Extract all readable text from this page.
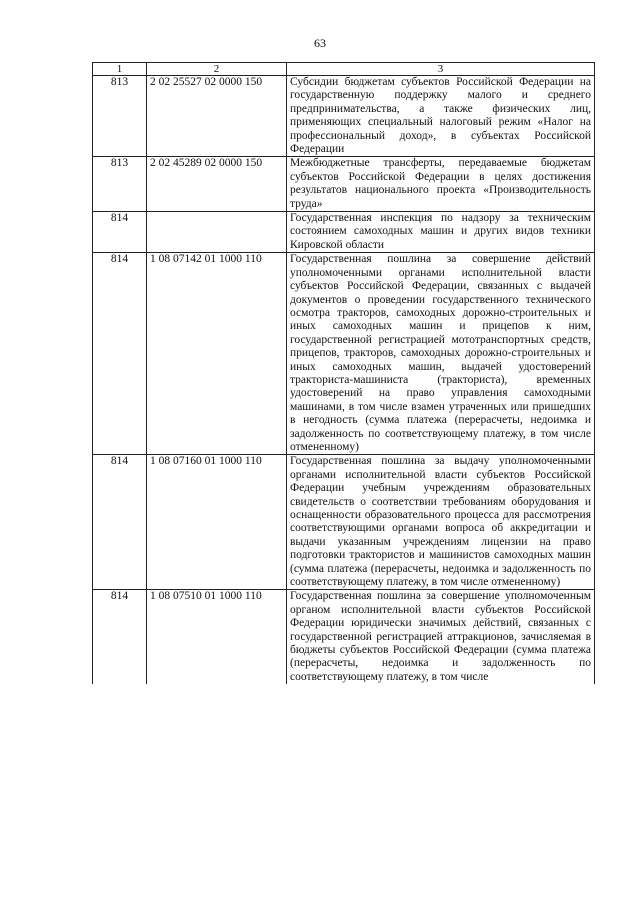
63
1	2	3
813	2 02 25527 02 0000 150	Субсидии бюджетам субъектов Российской Федерации на государственную поддержку малого и среднего предпринимательства, а также физических лиц, применяющих специальный налоговый режим «Налог на профессиональный доход», в субъектах Российской Федерации
813	2 02 45289 02 0000 150	Межбюджетные трансферты, передаваемые бюджетам субъектов Российской Федерации в целях достижения результатов национального проекта «Производительность труда»
814		Государственная инспекция по надзору за техническим состоянием самоходных машин и других видов техники Кировской области
814	1 08 07142 01 1000 110	Государственная пошлина за совершение действий уполномоченными органами исполнительной власти субъектов Российской Федерации, связанных с выдачей документов о проведении государственного технического осмотра тракторов, самоходных дорожно-строительных и иных самоходных машин и прицепов к ним, государственной регистрацией мототранспортных средств, прицепов, тракторов, самоходных дорожно-строительных и иных самоходных машин, выдачей удостоверений тракториста-машиниста (тракториста), временных удостоверений на право управления самоходными машинами, в том числе взамен утраченных или пришедших в негодность (сумма платежа (перерасчеты, недоимка и задолженность по соответствующему платежу, в том числе отмененному)
814	1 08 07160 01 1000 110	Государственная пошлина за выдачу уполномоченными органами исполнительной власти субъектов Российской Федерации учебным учреждениям образовательных свидетельств о соответствии требованиям оборудования и оснащенности образовательного процесса для рассмотрения соответствующими органами вопроса об аккредитации и выдачи указанным учреждениям лицензии на право подготовки трактористов и машинистов самоходных машин (сумма платежа (перерасчеты, недоимка и задолженность по соответствующему платежу, в том числе отмененному)
814	1 08 07510 01 1000 110	Государственная пошлина за совершение уполномоченным органом исполнительной власти субъектов Российской Федерации юридически значимых действий, связанных с государственной регистрацией аттракционов, зачисляемая в бюджеты субъектов Российской Федерации (сумма платежа (перерасчеты, недоимка и задолженность по соответствующему платежу, в том числе
